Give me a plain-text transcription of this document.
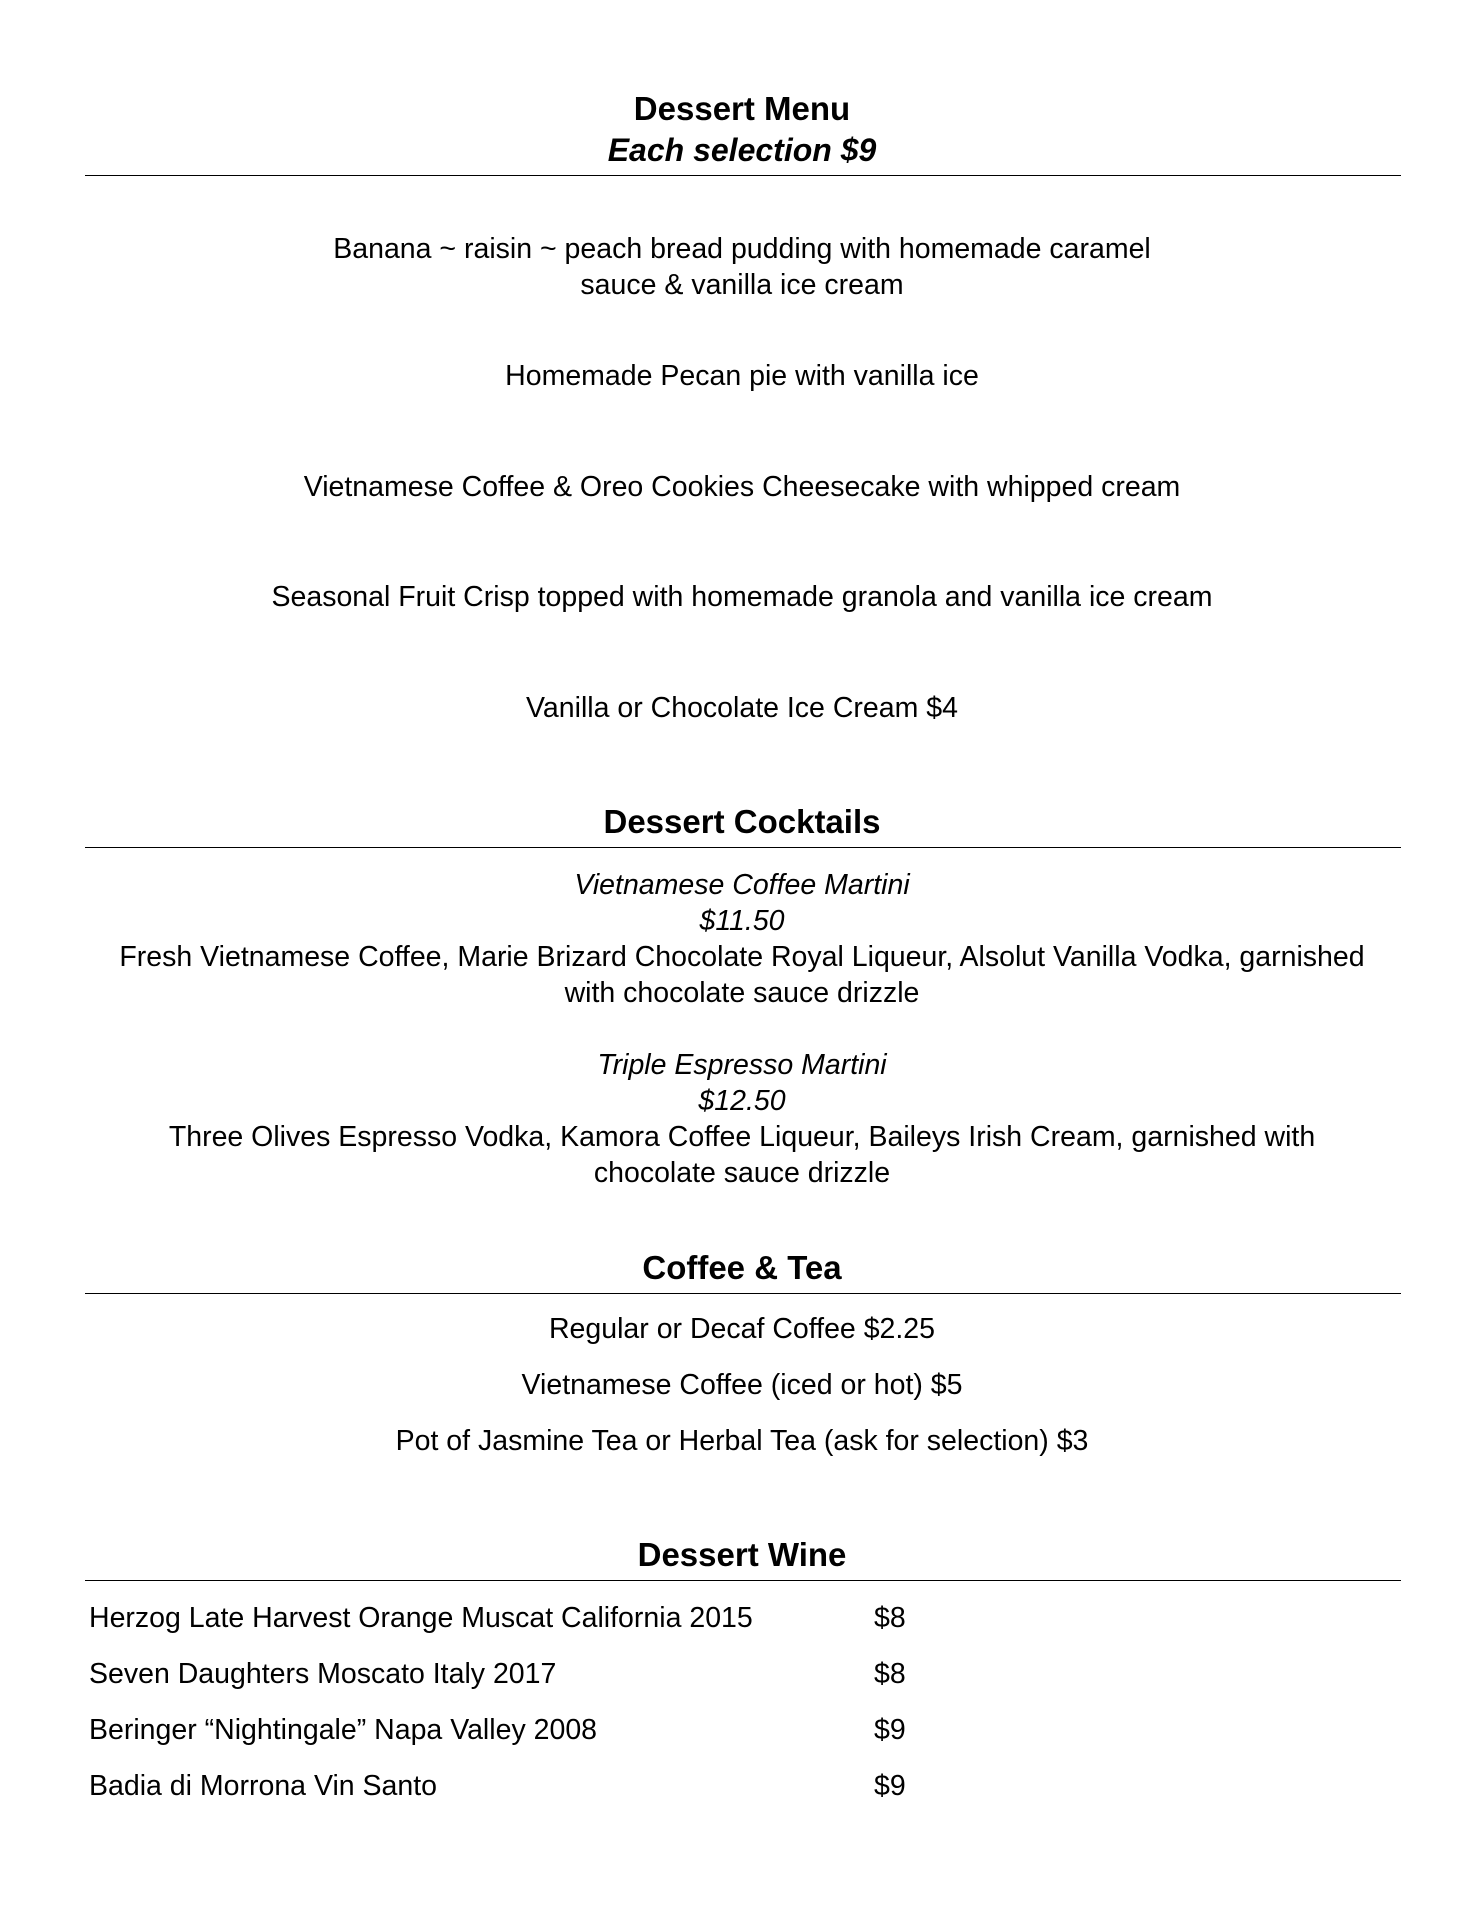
Dessert Menu
Each selection $9
Banana ~ raisin ~ peach bread pudding with homemade caramel
sauce & vanilla ice cream
Homemade Pecan pie with vanilla ice
Vietnamese Coffee & Oreo Cookies Cheesecake with whipped cream
Seasonal Fruit Crisp topped with homemade granola and vanilla ice cream
Vanilla or Chocolate Ice Cream $4
Dessert Cocktails
Vietnamese Coffee Martini
$11.50
Fresh Vietnamese Coffee, Marie Brizard Chocolate Royal Liqueur, Alsolut Vanilla Vodka, garnished
with chocolate sauce drizzle
Triple Espresso Martini
$12.50
Three Olives Espresso Vodka, Kamora Coffee Liqueur, Baileys Irish Cream, garnished with
chocolate sauce drizzle
Coffee & Tea
Regular or Decaf Coffee $2.25
Vietnamese Coffee (iced or hot) $5
Pot of Jasmine Tea or Herbal Tea (ask for selection) $3
Dessert Wine
Herzog Late Harvest Orange Muscat California 2015	$8
Seven Daughters Moscato Italy 2017	$8
Beringer “Nightingale” Napa Valley 2008	$9
Badia di Morrona Vin Santo	$9
